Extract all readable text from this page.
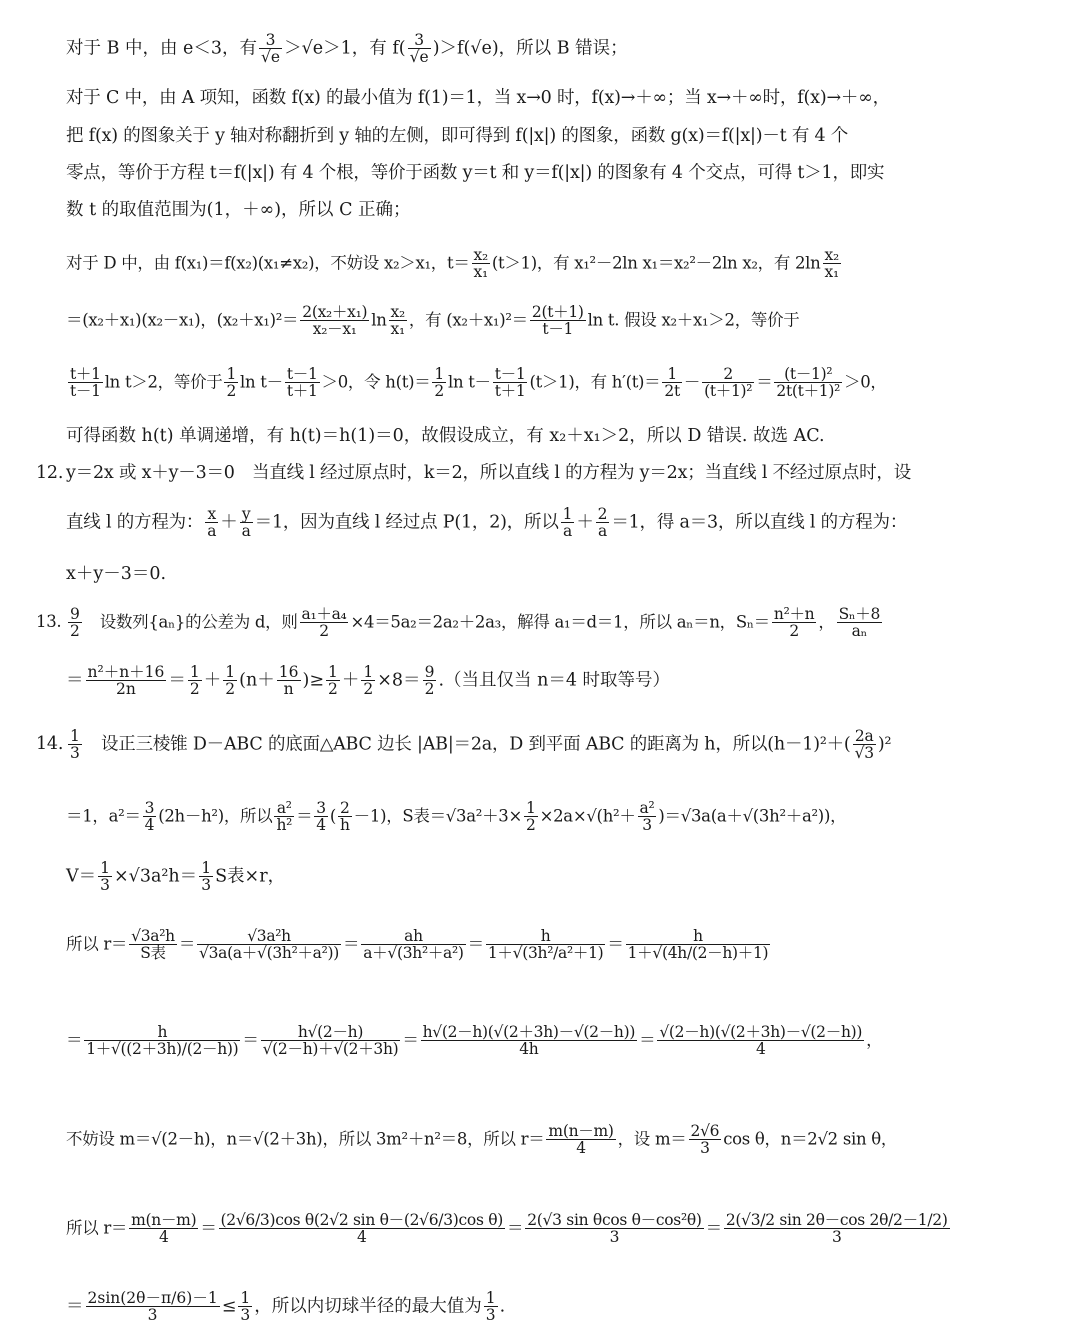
对于 B 中，由 e＜3，有 $\frac{3}{√e} >√e>1$，有 $f( \frac{3}{√e} )>f(√e)$，所以 B 错误；
对于 C 中，由 A 项知，函数 f(x) 的最小值为 f(1)＝1，当 x→0 时，f(x)→＋∞；当 x→＋∞时，f(x)→＋∞，
把 f(x) 的图象关于 y 轴对称翻折到 y 轴的左侧，即可得到 f(|x|) 的图象，函数 g(x)＝f(|x|)－t 有 4 个
零点，等价于方程 t＝f(|x|) 有 4 个根，等价于函数 y＝t 和 y＝f(|x|) 的图象有 4 个交点，可得 t＞1，即实
数 t 的取值范围为(1，＋∞)，所以 C 正确；
对于 D 中，由 f(x₁)＝f(x₂)(x₁≠x₂)，不妨设 x₂＞x₁，$t= \frac{\text{x₂}}{\text{x₁}} (t>1)$，有 x₁²－2ln x₁＝x₂²－2ln x₂，有 $2\ln \frac{\text{x₂}}{\text{x₁}}$
＝(x₂＋x₁)(x₂－x₁)，$(x_2+x_1)^2= \frac{\text{2(x₂＋x₁)}}{\text{x₂－x₁}}$ $\ln \frac{\text{x₂}}{\text{x₁}}$ ，有 $(x_2+x_1)^2= \frac{2(t+1)}{t-1}$ ln t. 假设 x₂＋x₁＞2，等价于
$\frac{t+1}{t-1}$ ln t＞2，等价于 $\frac{1}{2}$ $\ln t- \frac{t-1}{t+1} >0$，令 $h(t)= \frac{1}{2}$ $\ln t- \frac{t-1}{t+1} (t>1)$，有 $h'(t)= \frac{1}{2t} - \frac{2}{\text{(t＋1)²}} = \frac{\text{(t－1)²}}{\text{2t(t＋1)²}} >0$，
可得函数 h(t) 单调递增，有 h(t)＝h(1)＝0，故假设成立，有 x₂＋x₁＞2，所以 D 错误. 故选 AC.
12. y＝2x 或 x＋y－3＝0　当直线 l 经过原点时，k＝2，所以直线 l 的方程为 y＝2x；当直线 l 不经过原点时，设
直线 l 的方程为： $\frac{x}{a} + \frac{y}{a} =1$，因为直线 l 经过点 P(1，2)，所以 $\frac{1}{a} + \frac{2}{a} =1$，得 a＝3，所以直线 l 的方程为：
x＋y－3＝0.
13. $\frac{9}{2}$ 　设数列{aₙ}的公差为 d，则 $\frac{\text{a₁＋a₄}}{2} \times 4=5a_2=2a_2+2a_3$，解得 a₁＝d＝1，所以 aₙ＝n，$S_n= \frac{\text{n²＋n}}{2}$ ， $\frac{\text{Sₙ＋8}}{\text{aₙ}}$
＝ $\frac{\text{n²＋n＋16}}{2n} = \frac{1}{2} + \frac{1}{2} (n+ \frac{16}{n}$ )≥ $\frac{1}{2} + \frac{1}{2} \times 8= \frac{9}{2}$ .（当且仅当 n＝4 时取等号）
14. $\frac{1}{3}$ 　设正三棱锥 D－ABC 的底面△ABC 边长 |AB|＝2a，D 到平面 ABC 的距离为 h，所以$(h-1)^2+( \frac{2a}{√3} )^2$
＝1，$a^2= \frac{3}{4} (2h-h^2)$，所以 $\frac{\text{a²}}{\text{h²}} = \frac{3}{4}$ ( $\frac{2}{h} -1$)，S表$=√3a^2+3\times \frac{1}{2} \times 2a\times√(h^2+ \frac{\text{a²}}{3} )=√3a(a+√(3h^2+a^2))$，
$V= \frac{1}{3} \times√3a^2h= \frac{1}{3}$ S表×r，
所以 $r= \frac{\text{√3a²h}}{\text{S表}} = \frac{\text{√3a²h}}{\text{√3a(a＋√(3h²＋a²))}} = \frac{ah}{\text{a＋√(3h²＋a²)}} = \frac{h}{\text{1＋√(3h²/a²＋1)}} = \frac{h}{1+√(4h/(2-h)+1)}$
＝ $\frac{h}{1+√((2+3h)/(2-h))} = \frac{h√(2-h)}{√(2-h)+√(2+3h)} = \frac{h√(2-h)(√(2+3h)-√(2-h))}{4h} = \frac{√(2-h)(√(2+3h)-√(2-h))}{4}$ ，
不妨设 m＝√(2－h)，n＝√(2＋3h)，所以 3m²＋n²＝8，所以 $r= \frac{m(n-m)}{4}$ ，设 $m= \frac{2√6}{3}$ cos θ，n＝2√2 sin θ，
所以 $r= \frac{m(n-m)}{4} = \frac{\text{(2√6/3)cos θ(2√2 sin θ－(2√6/3)cos θ)}}{4} = \frac{\text{2(√3 sin θcos θ－cos²θ)}}{3} = \frac{2(√3/2 \sin 2\theta-\cos 2\theta/2-1/2)}{3}$
＝ $\frac{2\sin(2\theta-\pi/6)-1}{3} \le \frac{1}{3}$ ，所以内切球半径的最大值为 $\frac{1}{3}$ .
